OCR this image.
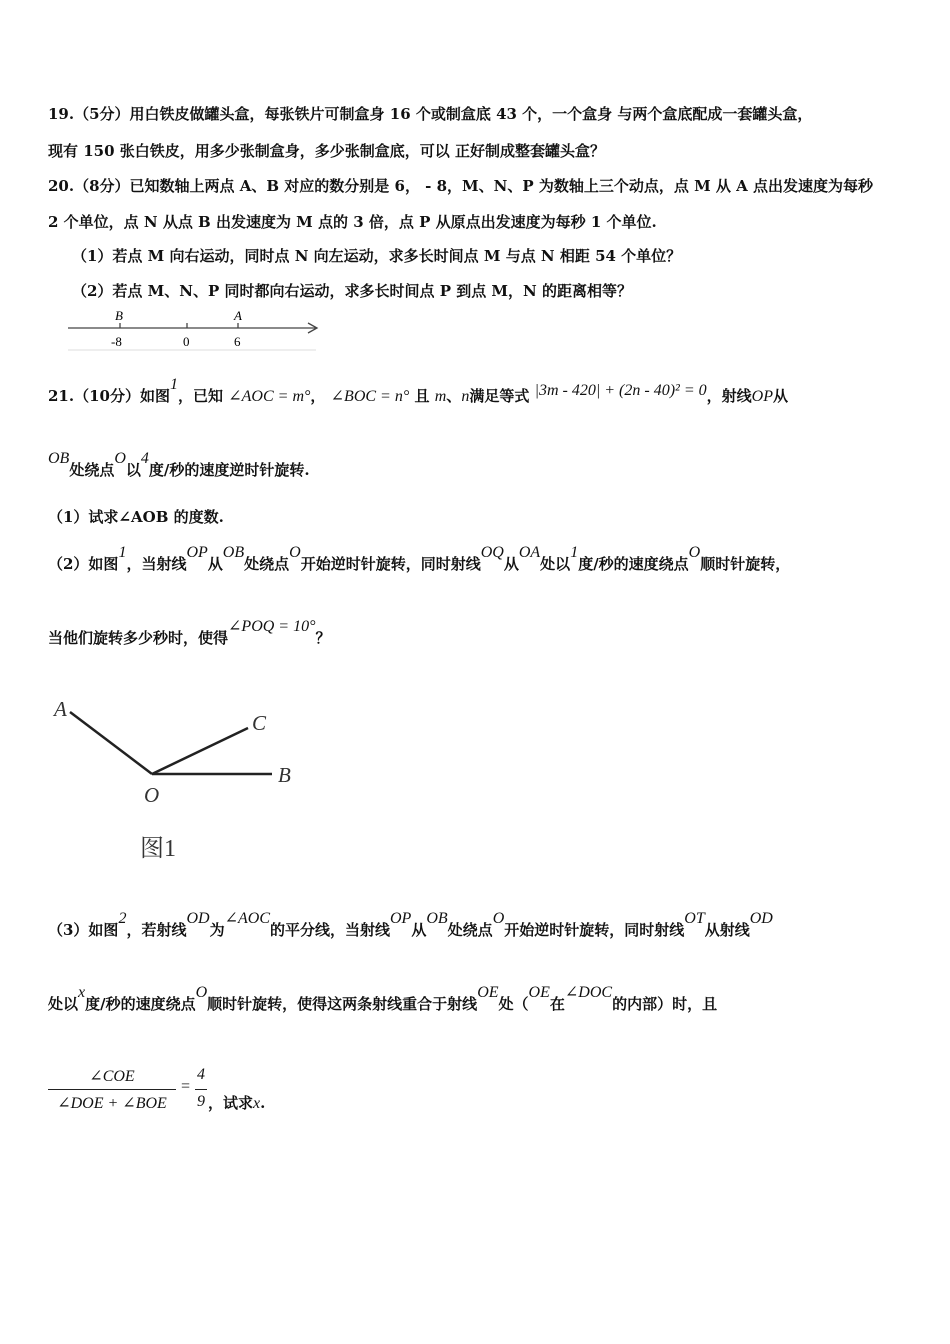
19.（5分）用白铁皮做罐头盒，每张铁片可制盒身 16 个或制盒底 43 个，一个盒身 与两个盒底配成一套罐头盒，
现有 150 张白铁皮，用多少张制盒身，多少张制盒底，可以 正好制成整套罐头盒？
20.（8分）已知数轴上两点 A、B 对应的数分别是 6， - 8，M、N、P 为数轴上三个动点，点 M 从 A 点出发速度为每秒
2 个单位，点 N 从点 B 出发速度为 M 点的 3 倍，点 P 从原点出发速度为每秒 1 个单位.
（1）若点 M 向右运动，同时点 N 向左运动，求多长时间点 M 与点 N 相距 54 个单位？
（2）若点 M、N、P 同时都向右运动，求多长时间点 P 到点 M，N 的距离相等？
B	A
-8	0	6
21.（10分）如图1，已知 ∠AOC = m°， ∠BOC = n° 且 m、n满足等式 |3m - 420| + (2n - 40)² = 0，射线OP从
OB处绕点O以4度/秒的速度逆时针旋转.
（1）试求∠AOB 的度数.
（2）如图1，当射线OP从OB处绕点O开始逆时针旋转，同时射线OQ从OA处以1度/秒的速度绕点O顺时针旋转，
当他们旋转多少秒时，使得∠POQ = 10°？
A
C
O
B
图1
（3）如图2，若射线OD为∠AOC的平分线，当射线OP从OB处绕点O开始逆时针旋转，同时射线OT从射线OD
处以x度/秒的速度绕点O顺时针旋转，使得这两条射线重合于射线OE处（OE在∠DOC的内部）时，且
∠COE
∠DOE + ∠BOE
=
4
9 ，试求x.
